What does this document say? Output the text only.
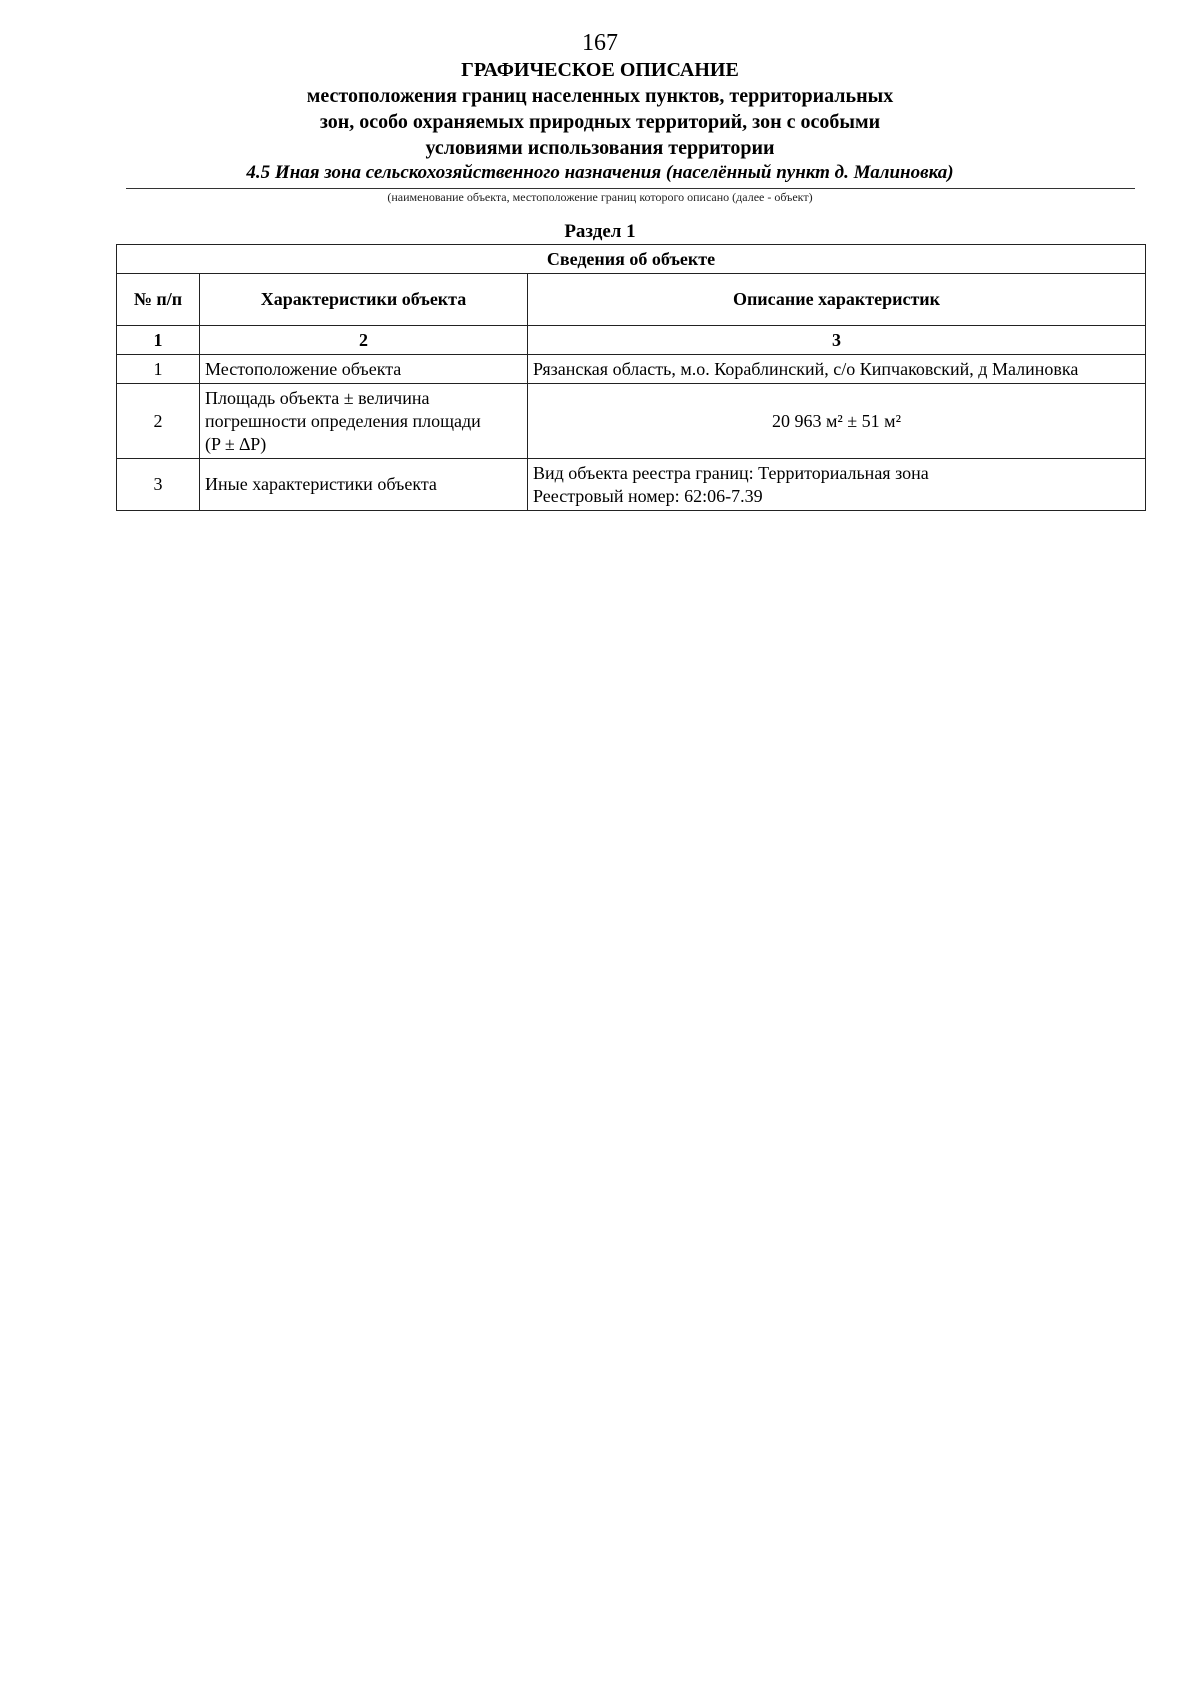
167
ГРАФИЧЕСКОЕ ОПИСАНИЕ
местоположения границ населенных пунктов, территориальных
зон, особо охраняемых природных территорий, зон с особыми
условиями использования территории
4.5 Иная зона сельскохозяйственного назначения (населённый пункт д. Малиновка)
(наименование объекта, местоположение границ которого описано (далее - объект)
Раздел 1
Сведения об объекте		
№ п/п	Характеристики объекта	Описание характеристик
1	2	3
1	Местоположение объекта	Рязанская область, м.о. Кораблинский, с/о Кипчаковский, д Малиновка

2	Площадь объекта ± величина
погрешности определения площади
(P ± ∆P)	20 963 м² ± 51 м²

3	Иные характеристики объекта	Вид объекта реестра границ: Территориальная зона
Реестровый номер: 62:06-7.39
